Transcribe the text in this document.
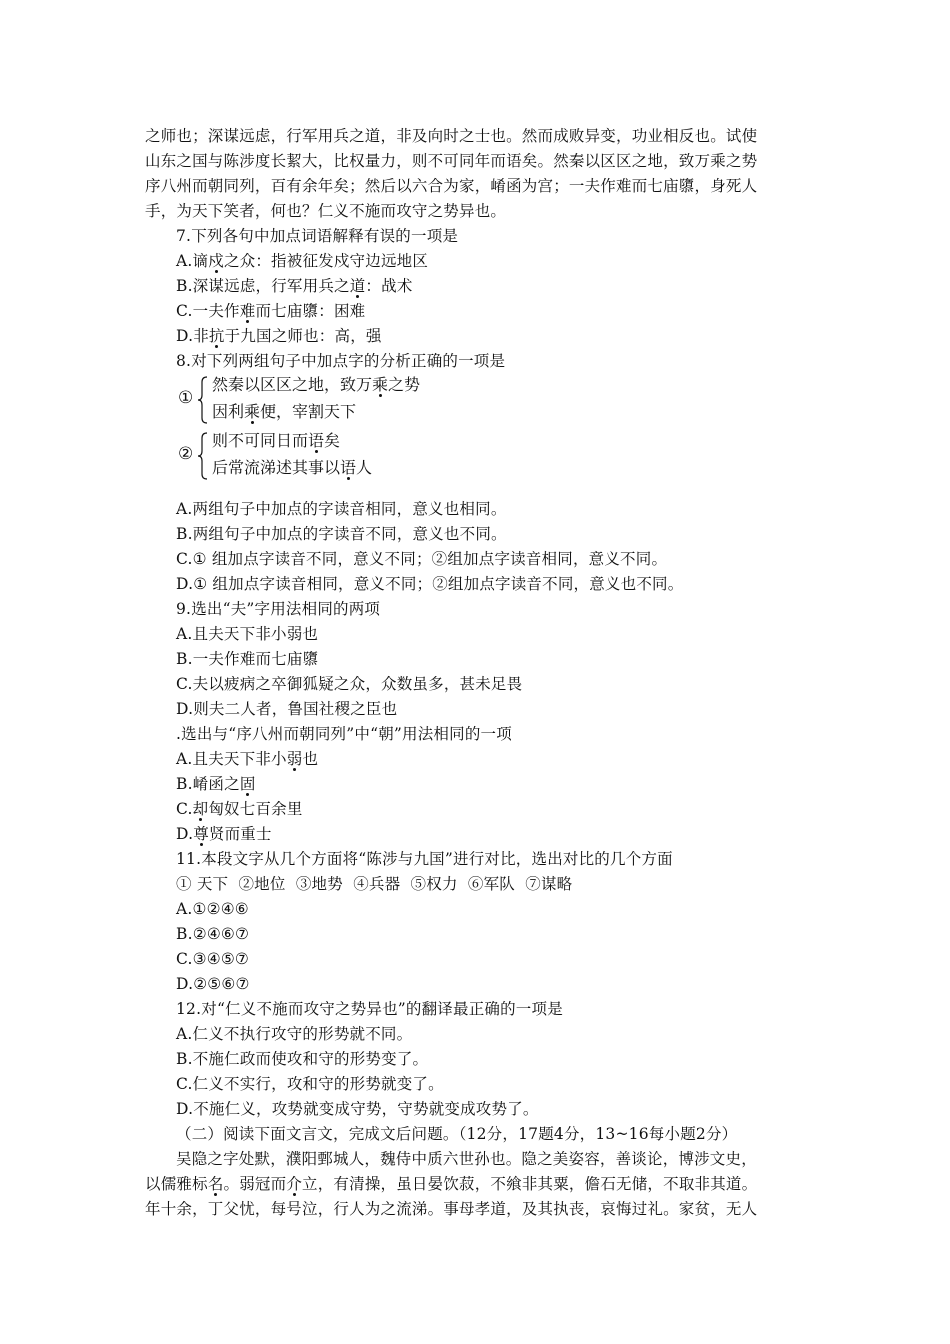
之师也；深谋远虑，行军用兵之道，非及向时之士也。然而成败异变，功业相反也。试使
山东之国与陈涉度长絜大，比权量力，则不可同年而语矣。然秦以区区之地，致万乘之势
序八州而朝同列，百有余年矣；然后以六合为家，崤函为宫；一夫作难而七庙隳，身死人
手，为天下笑者，何也？仁义不施而攻守之势异也。
7.下列各句中加点词语解释有误的一项是
A.谪戍之众：指被征发戍守边远地区
B.深谋远虑，行军用兵之道：战术
C.一夫作难而七庙隳：困难
D.非抗于九国之师也：高，强
8.对下列两组句子中加点字的分析正确的一项是
①
然秦以区区之地，致万乘之势
因利乘便，宰割天下
②
则不可同日而语矣
后常流涕述其事以语人
A.两组句子中加点的字读音相同，意义也相同。
B.两组句子中加点的字读音不同，意义也不同。
C.① 组加点字读音不同，意义不同；②组加点字读音相同，意义不同。
D.① 组加点字读音相同，意义不同；②组加点字读音不同，意义也不同。
9.选出“夫”字用法相同的两项
A.且夫天下非小弱也
B.一夫作难而七庙隳
C.夫以疲病之卒御狐疑之众，众数虽多，甚未足畏
D.则夫二人者，鲁国社稷之臣也
.选出与“序八州而朝同列”中“朝”用法相同的一项
A.且夫天下非小弱也
B.崤函之固
C.却匈奴七百余里
D.尊贤而重士
11.本段文字从几个方面将“陈涉与九国”进行对比，选出对比的几个方面
① 天下  ②地位  ③地势  ④兵器  ⑤权力  ⑥军队  ⑦谋略
A.①②④⑥
B.②④⑥⑦
C.③④⑤⑦
D.②⑤⑥⑦
12.对“仁义不施而攻守之势异也”的翻译最正确的一项是
A.仁义不执行攻守的形势就不同。
B.不施仁政而使攻和守的形势变了。
C.仁义不实行，攻和守的形势就变了。
D.不施仁义，攻势就变成守势，守势就变成攻势了。
（二）阅读下面文言文，完成文后问题。（12分，17题4分，13~16每小题2分）
吴隐之字处默，濮阳鄄城人，魏侍中质六世孙也。隐之美姿容，善谈论，博涉文史，
以儒雅标名。弱冠而介立，有清操，虽日晏饮菽，不飨非其粟，儋石无储，不取非其道。
年十余，丁父忧，每号泣，行人为之流涕。事母孝道，及其执丧，哀悔过礼。家贫，无人
